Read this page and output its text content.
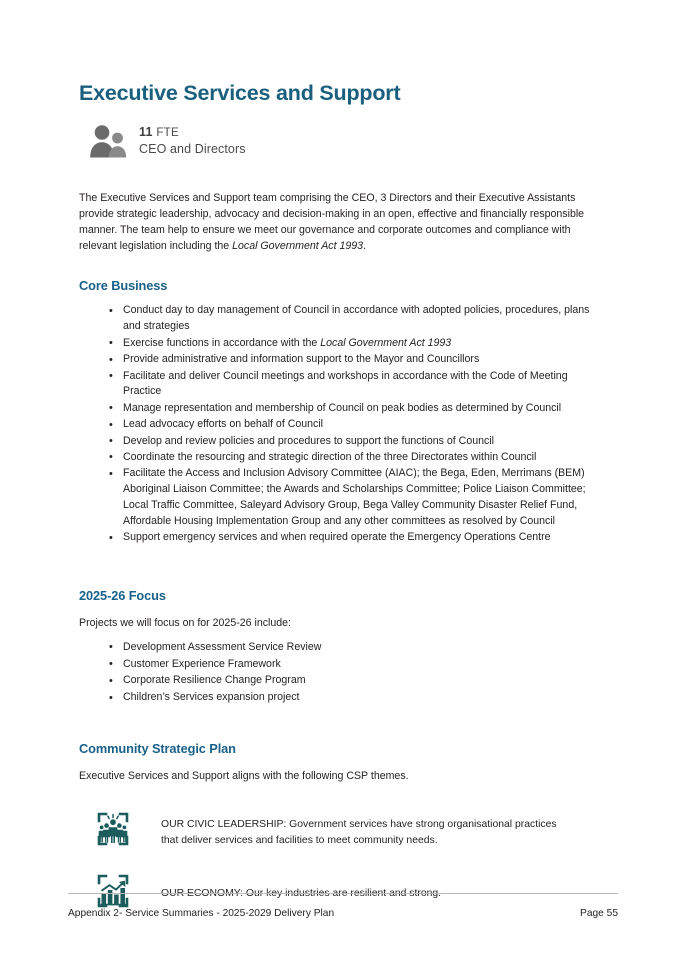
Executive Services and Support
11 FTE
CEO and Directors

The Executive Services and Support team comprising the CEO, 3 Directors and their Executive Assistants provide strategic leadership, advocacy and decision-making in an open, effective and financially responsible manner. The team help to ensure we meet our governance and corporate outcomes and compliance with relevant legislation including the Local Government Act 1993.

Core Business
• Conduct day to day management of Council in accordance with adopted policies, procedures, plans and strategies
• Exercise functions in accordance with the Local Government Act 1993
• Provide administrative and information support to the Mayor and Councillors
• Facilitate and deliver Council meetings and workshops in accordance with the Code of Meeting Practice
• Manage representation and membership of Council on peak bodies as determined by Council
• Lead advocacy efforts on behalf of Council
• Develop and review policies and procedures to support the functions of Council
• Coordinate the resourcing and strategic direction of the three Directorates within Council
• Facilitate the Access and Inclusion Advisory Committee (AIAC); the Bega, Eden, Merrimans (BEM) Aboriginal Liaison Committee; the Awards and Scholarships Committee; Police Liaison Committee; Local Traffic Committee, Saleyard Advisory Group, Bega Valley Community Disaster Relief Fund, Affordable Housing Implementation Group and any other committees as resolved by Council
• Support emergency services and when required operate the Emergency Operations Centre
2025-26 Focus

Projects we will focus on for 2025-26 include:

• Development Assessment Service Review
• Customer Experience Framework
• Corporate Resilience Change Program
• Children’s Services expansion project
Community Strategic Plan

Executive Services and Support aligns with the following CSP themes.

OUR CIVIC LEADERSHIP: Government services have strong organisational practices that deliver services and facilities to meet community needs.
OUR ECONOMY: Our key industries are resilient and strong.
Appendix 2- Service Summaries - 2025-2029 Delivery Plan	Page 55
